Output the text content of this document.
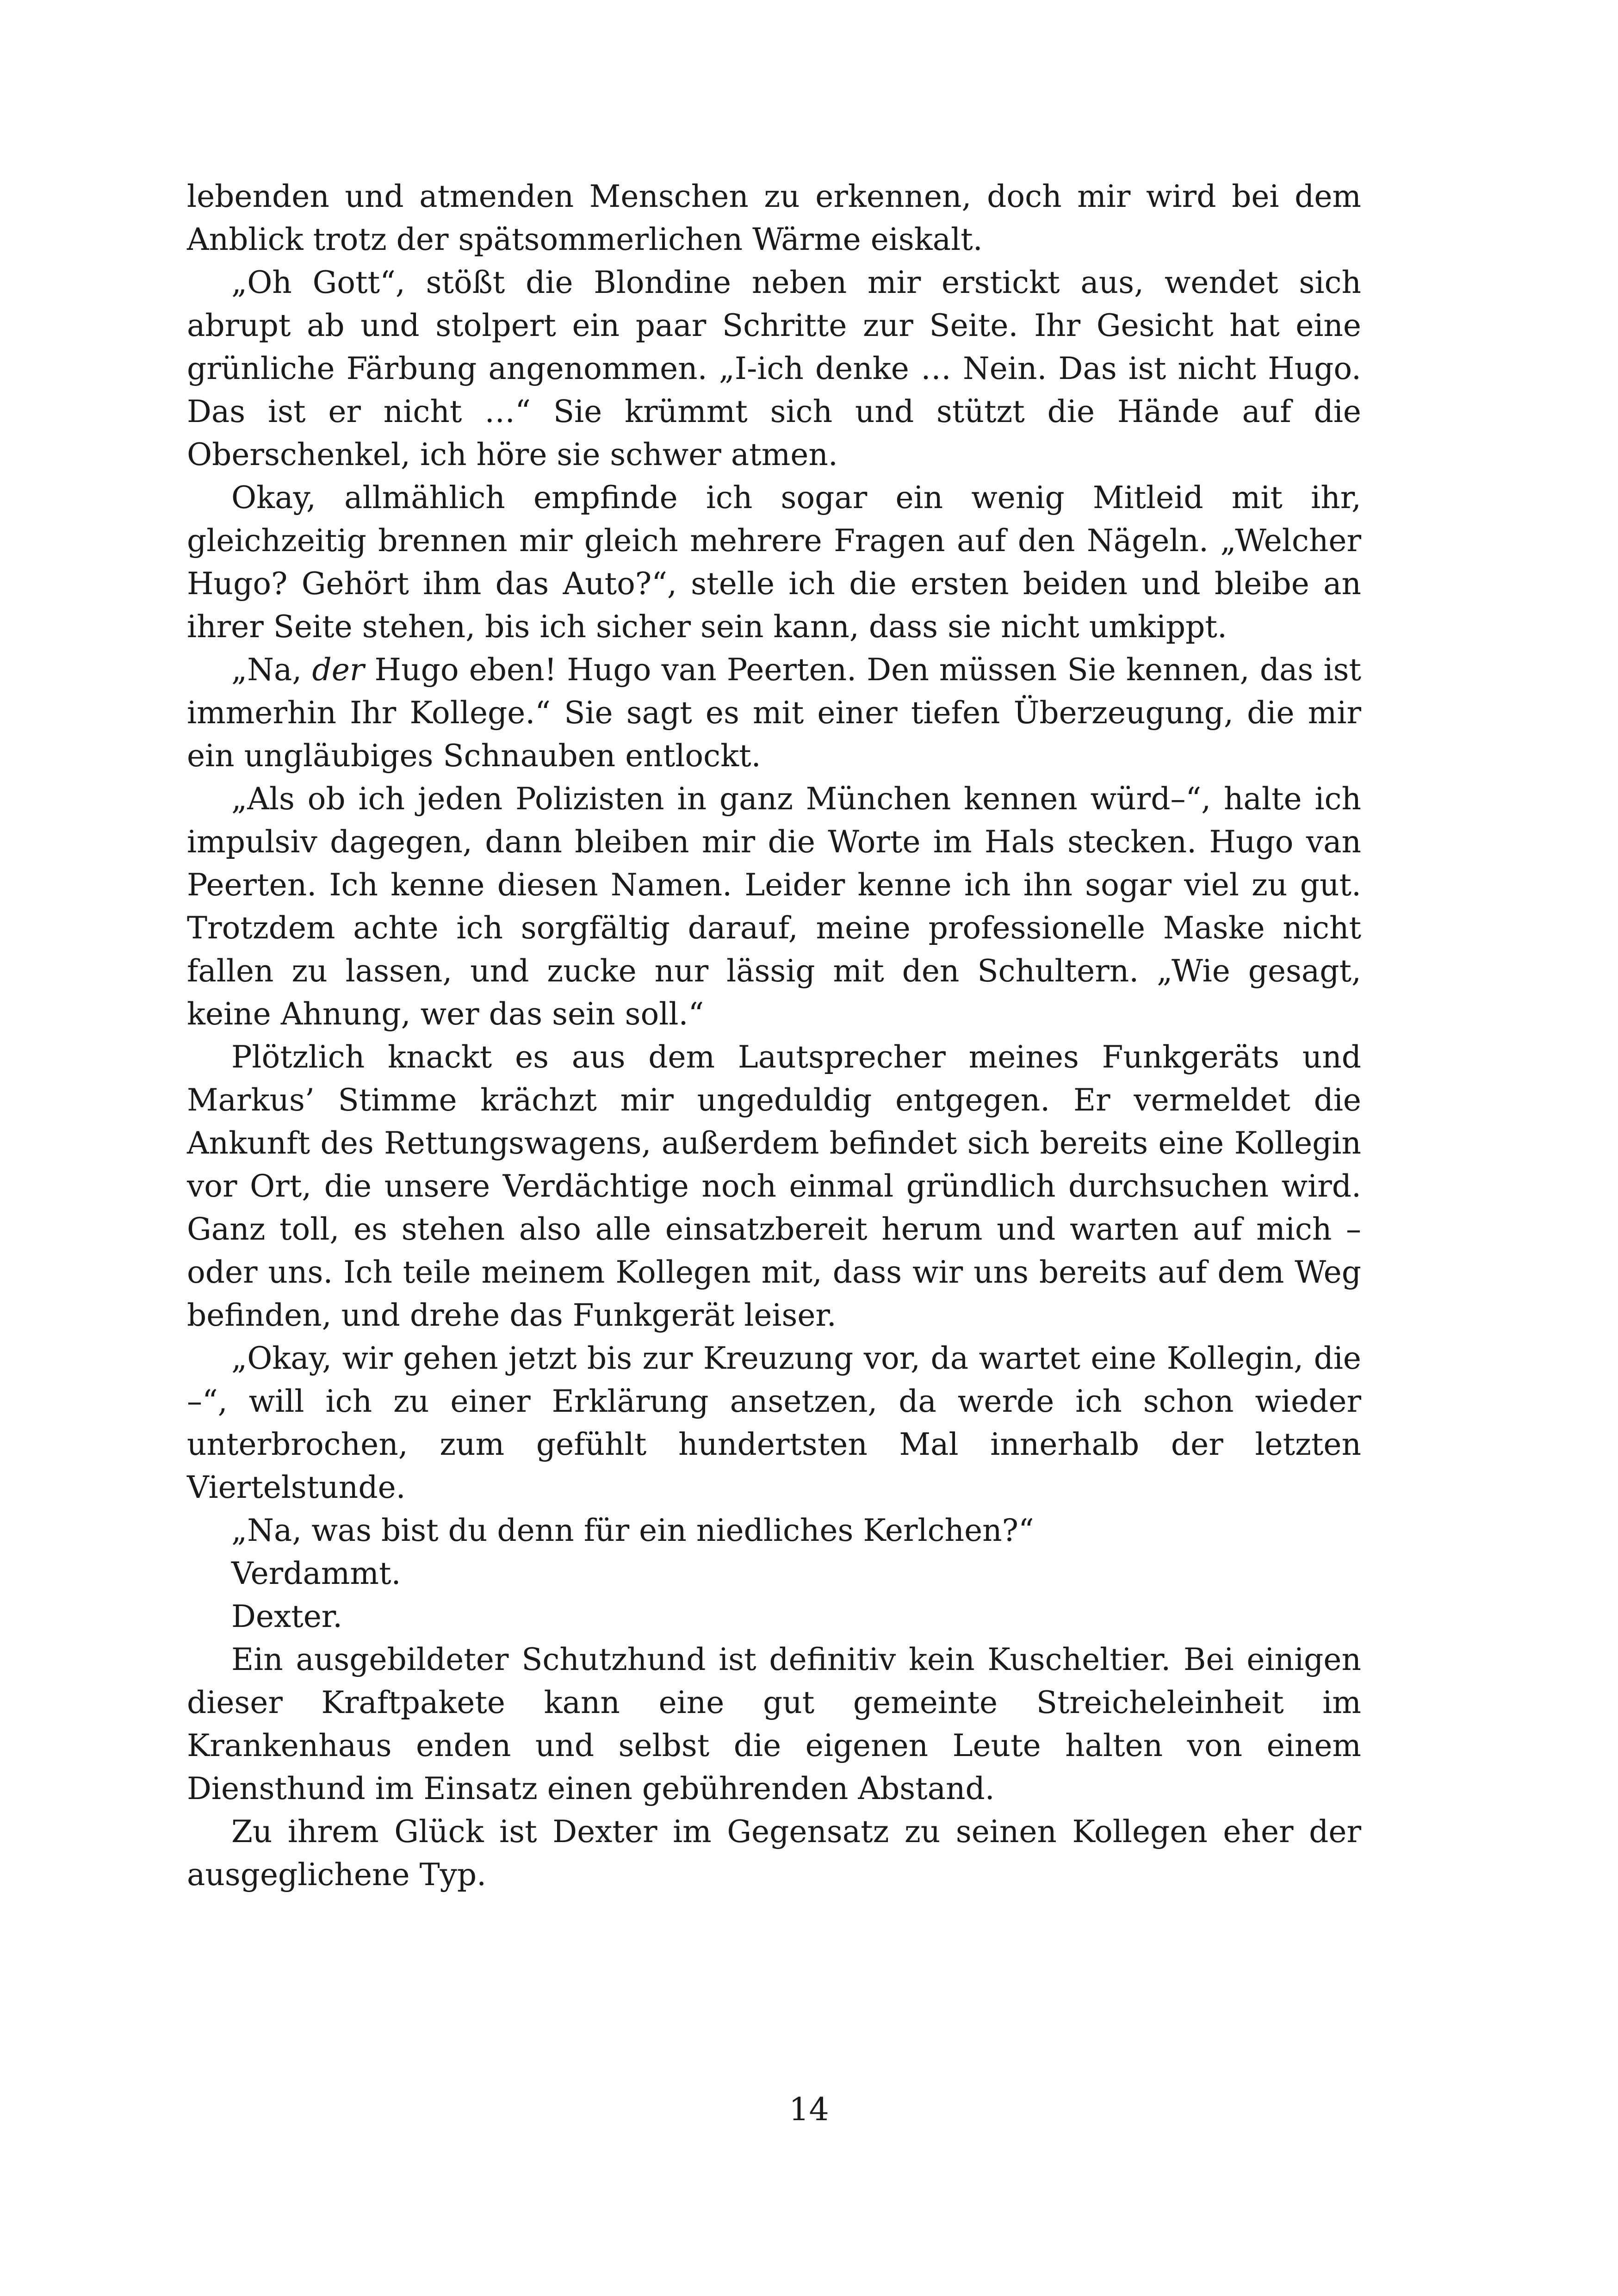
lebenden und atmenden Menschen zu erkennen, doch mir wird bei dem Anblick trotz der spätsommerlichen Wärme eiskalt.

„Oh Gott“, stößt die Blondine neben mir erstickt aus, wendet sich abrupt ab und stolpert ein paar Schritte zur Seite. Ihr Gesicht hat eine grünliche Färbung angenommen. „I-ich denke … Nein. Das ist nicht Hugo. Das ist er nicht …“ Sie krümmt sich und stützt die Hände auf die Oberschenkel, ich höre sie schwer atmen.

Okay, allmählich empfinde ich sogar ein wenig Mitleid mit ihr, gleichzeitig brennen mir gleich mehrere Fragen auf den Nägeln. „Welcher Hugo? Gehört ihm das Auto?“, stelle ich die ersten beiden und bleibe an ihrer Seite stehen, bis ich sicher sein kann, dass sie nicht umkippt.

„Na, der Hugo eben! Hugo van Peerten. Den müssen Sie kennen, das ist immerhin Ihr Kollege.“ Sie sagt es mit einer tiefen Überzeugung, die mir ein ungläubiges Schnauben entlockt.

„Als ob ich jeden Polizisten in ganz München kennen würd–“, halte ich impulsiv dagegen, dann bleiben mir die Worte im Hals stecken. Hugo van Peerten. Ich kenne diesen Namen. Leider kenne ich ihn sogar viel zu gut. Trotzdem achte ich sorgfältig darauf, meine professionelle Maske nicht fallen zu lassen, und zucke nur lässig mit den Schultern. „Wie gesagt, keine Ahnung, wer das sein soll.“

Plötzlich knackt es aus dem Lautsprecher meines Funkgeräts und Markus’ Stimme krächzt mir ungeduldig entgegen. Er vermeldet die Ankunft des Rettungswagens, außerdem befindet sich bereits eine Kollegin vor Ort, die unsere Verdächtige noch einmal gründlich durchsuchen wird. Ganz toll, es stehen also alle einsatzbereit herum und warten auf mich – oder uns. Ich teile meinem Kollegen mit, dass wir uns bereits auf dem Weg befinden, und drehe das Funkgerät leiser.

„Okay, wir gehen jetzt bis zur Kreuzung vor, da wartet eine Kollegin, die –“, will ich zu einer Erklärung ansetzen, da werde ich schon wieder unterbrochen, zum gefühlt hundertsten Mal innerhalb der letzten Viertelstunde.

„Na, was bist du denn für ein niedliches Kerlchen?“

Verdammt.

Dexter.

Ein ausgebildeter Schutzhund ist definitiv kein Kuscheltier. Bei einigen dieser Kraftpakete kann eine gut gemeinte Streicheleinheit im Krankenhaus enden und selbst die eigenen Leute halten von einem Diensthund im Einsatz einen gebührenden Abstand.

Zu ihrem Glück ist Dexter im Gegensatz zu seinen Kollegen eher der ausgeglichene Typ.

14
